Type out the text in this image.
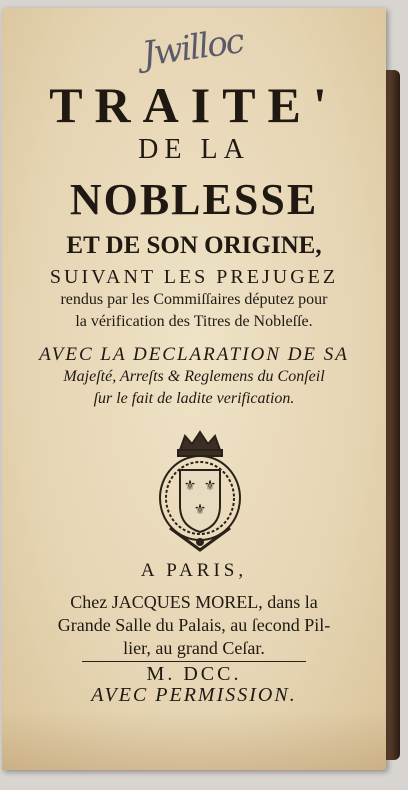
Jwilloc
TRAITE'
DE LA
NOBLESSE
ET DE SON ORIGINE,
SUIVANT LES PREJUGEZ
rendus par les Commiſſaires députez pour
la vérification des Titres de Nobleſſe.
AVEC LA DECLARATION DE SA
Majeſté, Arreſts & Reglemens du Conſeil
ſur le fait de ladite verification.
⚜ ⚜
⚜
A PARIS,
Chez JACQUES MOREL, dans la
Grande Salle du Palais, au ſecond Pil-
lier, au grand Ceſar.
M. DCC.
AVEC PERMISSION.
